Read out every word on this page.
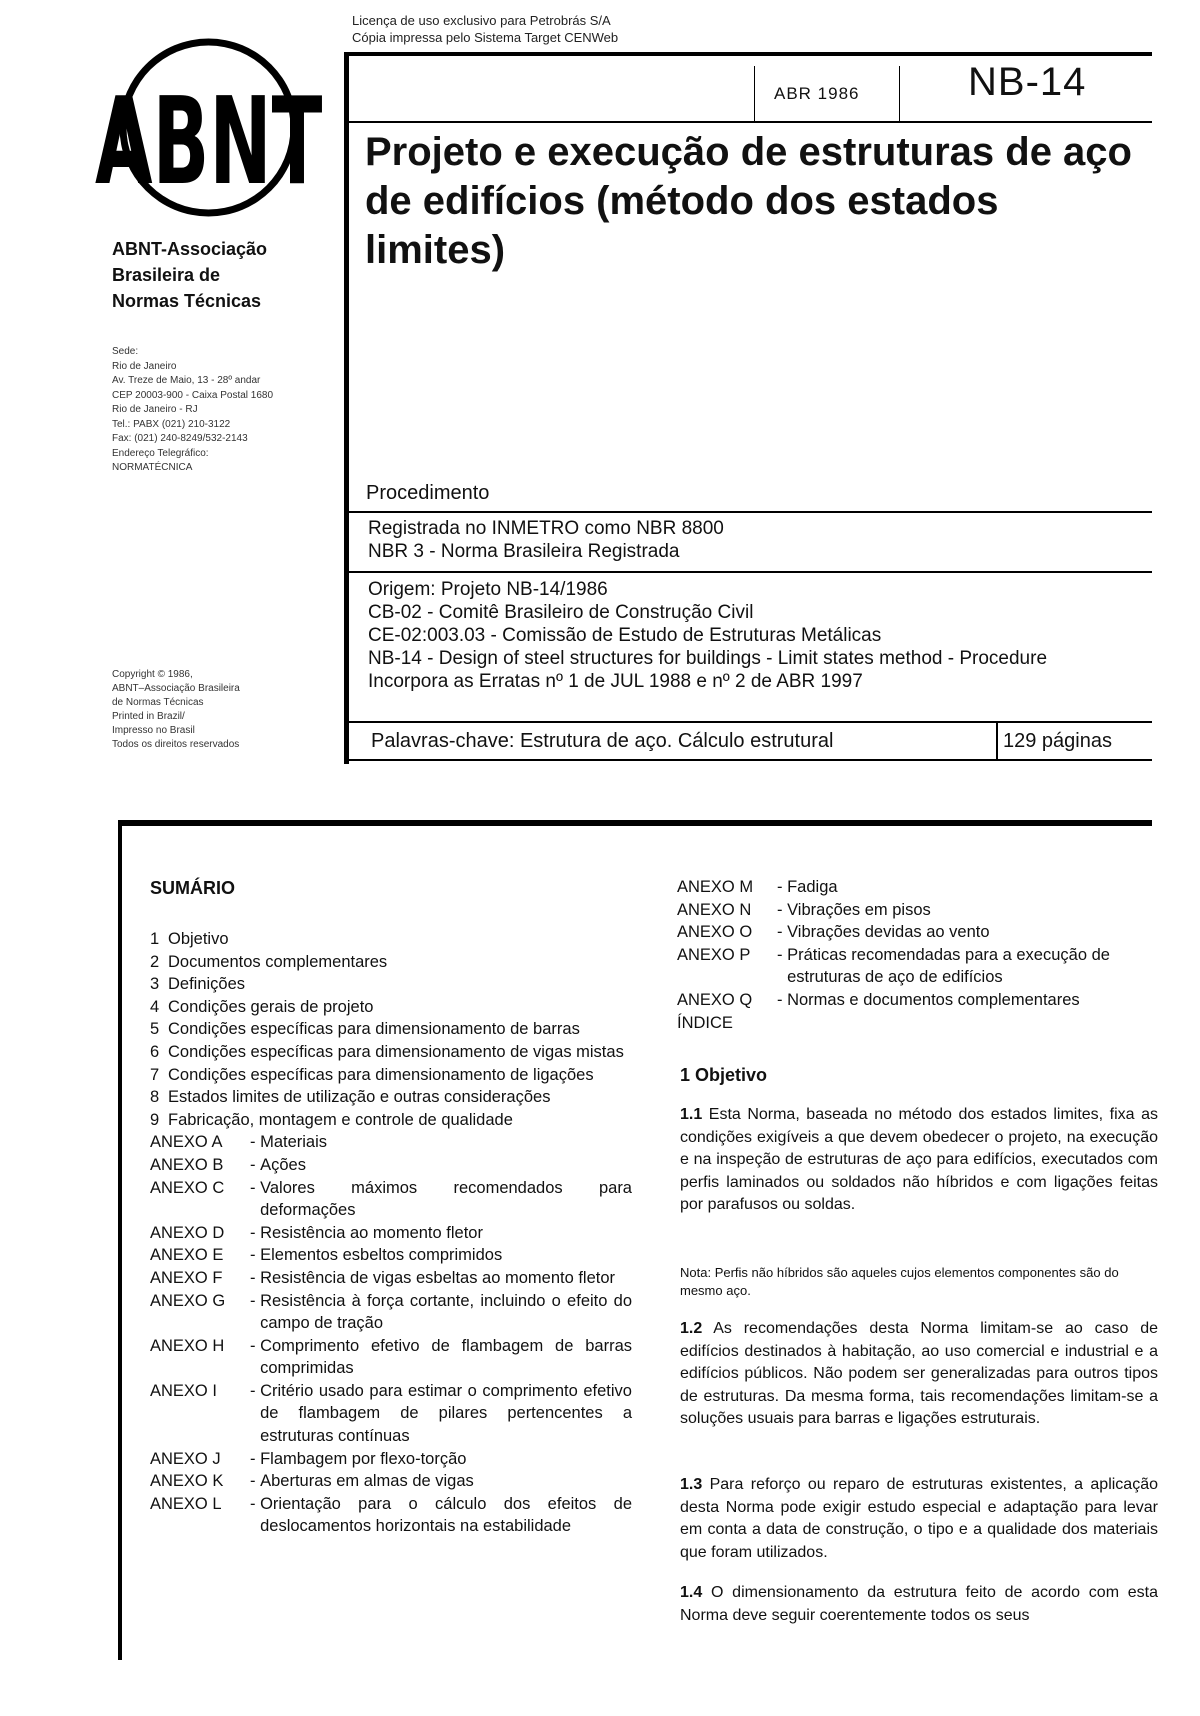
ABNT
ABNT-Associação
Brasileira de
Normas Técnicas
Sede:
Rio de Janeiro
Av. Treze de Maio, 13 - 28º andar
CEP 20003-900 - Caixa Postal 1680
Rio de Janeiro - RJ
Tel.: PABX (021) 210-3122
Fax: (021) 240-8249/532-2143
Endereço Telegráfico:
NORMATÉCNICA
Copyright © 1986,
ABNT–Associação Brasileira
de Normas Técnicas
Printed in Brazil/
Impresso no Brasil
Todos os direitos reservados
Licença de uso exclusivo para Petrobrás S/A
Cópia impressa pelo Sistema Target CENWeb
ABR 1986	NB-14
Projeto e execução de estruturas de aço de edifícios (método dos estados limites)
Procedimento
Registrada no INMETRO como NBR 8800
NBR 3 - Norma Brasileira Registrada
Origem: Projeto NB-14/1986
CB-02 - Comitê Brasileiro de Construção Civil
CE-02:003.03 - Comissão de Estudo de Estruturas Metálicas
NB-14 - Design of steel structures for buildings - Limit states method - Procedure
Incorpora as Erratas nº 1 de JUL 1988 e nº 2 de ABR 1997
Palavras-chave: Estrutura de aço. Cálculo estrutural	129 páginas
SUMÁRIO
1 Objetivo
2 Documentos complementares
3 Definições
4 Condições gerais de projeto
5 Condições específicas para dimensionamento de barras
6 Condições específicas para dimensionamento de vigas mistas
7 Condições específicas para dimensionamento de ligações
8 Estados limites de utilização e outras considerações
9 Fabricação, montagem e controle de qualidade
ANEXO A	- Materiais
ANEXO B	- Ações
ANEXO C	- Valores máximos recomendados para deformações
ANEXO D	- Resistência ao momento fletor
ANEXO E	- Elementos esbeltos comprimidos
ANEXO F	- Resistência de vigas esbeltas ao momento fletor
ANEXO G	- Resistência à força cortante, incluindo o efeito do campo de tração
ANEXO H	- Comprimento efetivo de flambagem de barras comprimidas
ANEXO I	- Critério usado para estimar o comprimento efetivo de flambagem de pilares pertencentes a estruturas contínuas
ANEXO J	- Flambagem por flexo-torção
ANEXO K	- Aberturas em almas de vigas
ANEXO L	- Orientação para o cálculo dos efeitos de deslocamentos horizontais na estabilidade
ANEXO M	- Fadiga
ANEXO N	- Vibrações em pisos
ANEXO O	- Vibrações devidas ao vento
ANEXO P	- Práticas recomendadas para a execução de estruturas de aço de edifícios
ANEXO Q	- Normas e documentos complementares
ÍNDICE
1 Objetivo
1.1 Esta Norma, baseada no método dos estados limites, fixa as condições exigíveis a que devem obedecer o projeto, na execução e na inspeção de estruturas de aço para edifícios, executados com perfis laminados ou soldados não híbridos e com ligações feitas por parafusos ou soldas.
Nota: Perfis não híbridos são aqueles cujos elementos componentes são do mesmo aço.
1.2 As recomendações desta Norma limitam-se ao caso de edifícios destinados à habitação, ao uso comercial e industrial e a edifícios públicos. Não podem ser generalizadas para outros tipos de estruturas. Da mesma forma, tais recomendações limitam-se a soluções usuais para barras e ligações estruturais.
1.3 Para reforço ou reparo de estruturas existentes, a aplicação desta Norma pode exigir estudo especial e adaptação para levar em conta a data de construção, o tipo e a qualidade dos materiais que foram utilizados.
1.4 O dimensionamento da estrutura feito de acordo com esta Norma deve seguir coerentemente todos os seus
